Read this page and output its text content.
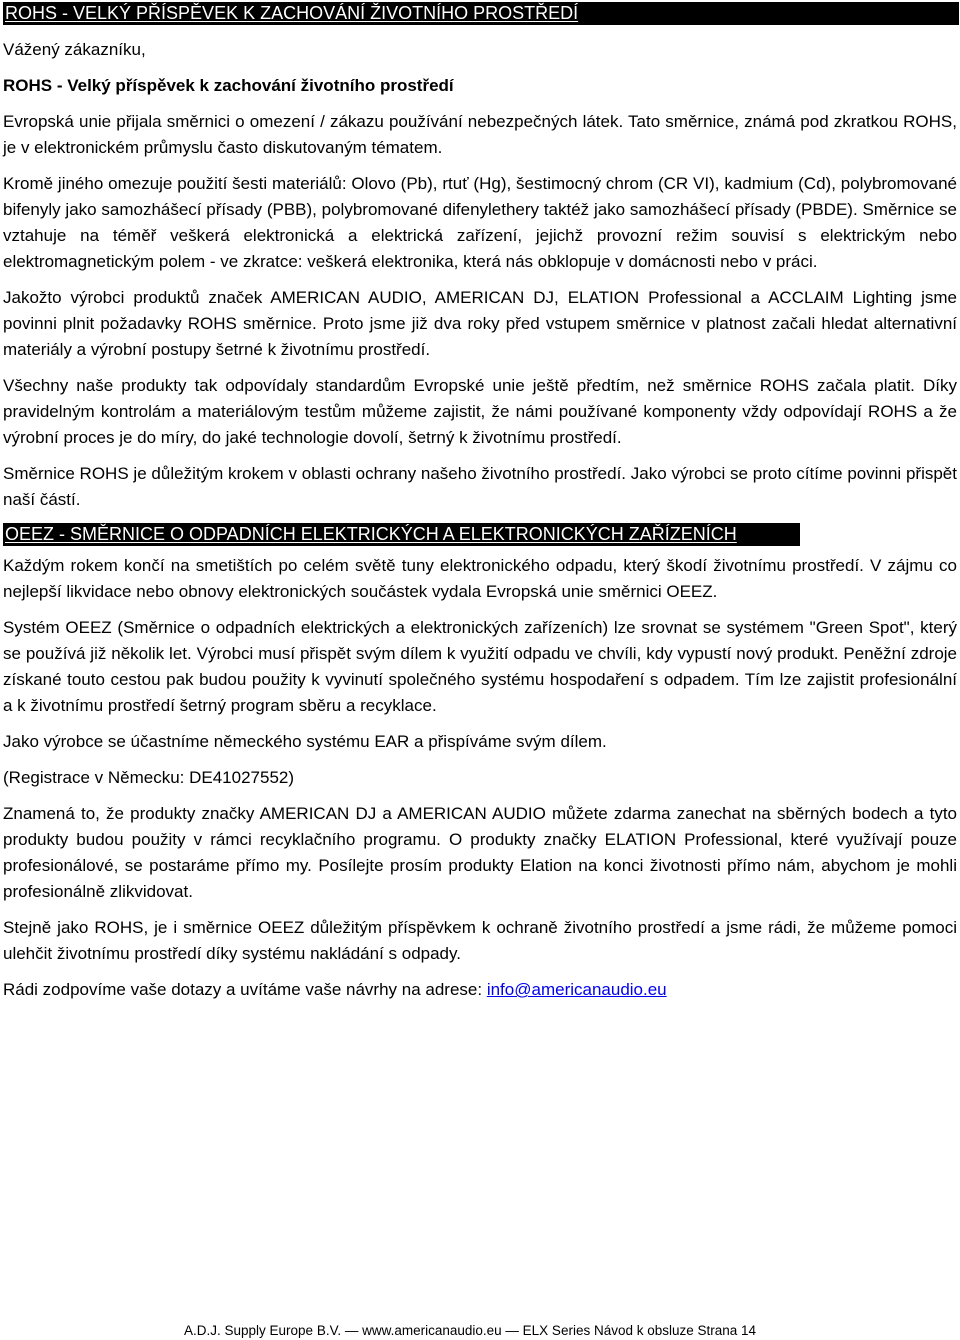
ROHS - VELKÝ PŘÍSPĚVEK K ZACHOVÁNÍ ŽIVOTNÍHO PROSTŘEDÍ

Vážený zákazníku,

ROHS - Velký příspěvek k zachování životního prostředí

Evropská unie přijala směrnici o omezení / zákazu používání nebezpečných látek. Tato směrnice, známá pod zkratkou ROHS, je v elektronickém průmyslu často diskutovaným tématem.

Kromě jiného omezuje použití šesti materiálů: Olovo (Pb), rtuť (Hg), šestimocný chrom (CR VI), kadmium (Cd), polybromované bifenyly jako samozhášecí přísady (PBB), polybromované difenylethery taktéž jako samozhášecí přísady (PBDE). Směrnice se vztahuje na téměř veškerá elektronická a elektrická zařízení, jejichž provozní režim souvisí s elektrickým nebo elektromagnetickým polem - ve zkratce: veškerá elektronika, která nás obklopuje v domácnosti nebo v práci.

Jakožto výrobci produktů značek AMERICAN AUDIO, AMERICAN DJ, ELATION Professional a ACCLAIM Lighting jsme povinni plnit požadavky ROHS směrnice. Proto jsme již dva roky před vstupem směrnice v platnost začali hledat alternativní materiály a výrobní postupy šetrné k životnímu prostředí.

Všechny naše produkty tak odpovídaly standardům Evropské unie ještě předtím, než směrnice ROHS začala platit. Díky pravidelným kontrolám a materiálovým testům můžeme zajistit, že námi používané komponenty vždy odpovídají ROHS a že výrobní proces je do míry, do jaké technologie dovolí, šetrný k životnímu prostředí.

Směrnice ROHS je důležitým krokem v oblasti ochrany našeho životního prostředí. Jako výrobci se proto cítíme povinni přispět naší částí.

OEEZ - SMĚRNICE O ODPADNÍCH ELEKTRICKÝCH A ELEKTRONICKÝCH ZAŘÍZENÍCH

Každým rokem končí na smetištích po celém světě tuny elektronického odpadu, který škodí životnímu prostředí. V zájmu co nejlepší likvidace nebo obnovy elektronických součástek vydala Evropská unie směrnici OEEZ.

Systém OEEZ (Směrnice o odpadních elektrických a elektronických zařízeních) lze srovnat se systémem "Green Spot", který se používá již několik let. Výrobci musí přispět svým dílem k využití odpadu ve chvíli, kdy vypustí nový produkt. Peněžní zdroje získané touto cestou pak budou použity k vyvinutí společného systému hospodaření s odpadem. Tím lze zajistit profesionální a k životnímu prostředí šetrný program sběru a recyklace.

Jako výrobce se účastníme německého systému EAR a přispíváme svým dílem.

(Registrace v Německu: DE41027552)

Znamená to, že produkty značky AMERICAN DJ a AMERICAN AUDIO můžete zdarma zanechat na sběrných bodech a tyto produkty budou použity v rámci recyklačního programu. O produkty značky ELATION Professional, které využívají pouze profesionálové, se postaráme přímo my. Posílejte prosím produkty Elation na konci životnosti přímo nám, abychom je mohli profesionálně zlikvidovat.

Stejně jako ROHS, je i směrnice OEEZ důležitým příspěvkem k ochraně životního prostředí a jsme rádi, že můžeme pomoci ulehčit životnímu prostředí díky systému nakládání s odpady.

Rádi zodpovíme vaše dotazy a uvítáme vaše návrhy na adrese: info@americanaudio.eu

A.D.J. Supply Europe B.V. — www.americanaudio.eu — ELX Series Návod k obsluze Strana 14
